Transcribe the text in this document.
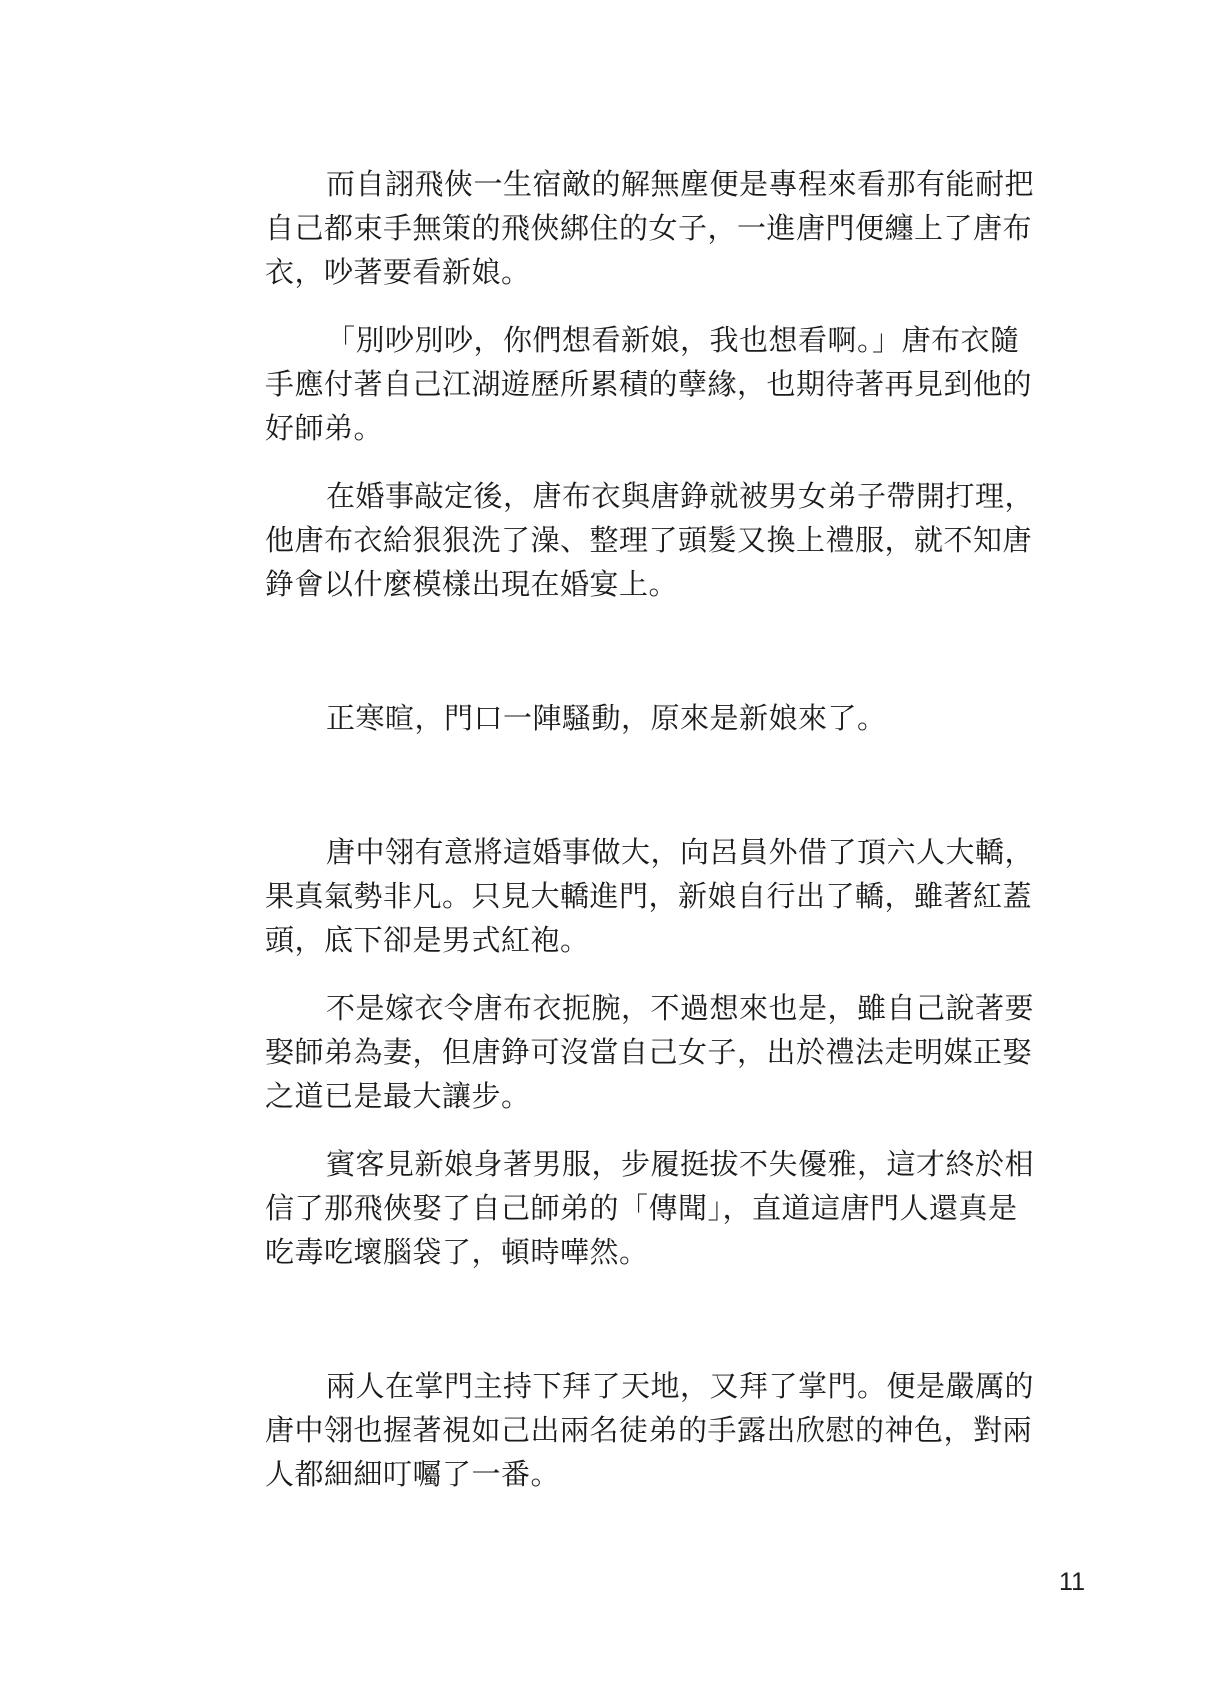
而自詡飛俠一生宿敵的解無塵便是專程來看那有能耐把
自己都束手無策的飛俠綁住的女子，一進唐門便纏上了唐布
衣，吵著要看新娘。

「別吵別吵，你們想看新娘，我也想看啊。」唐布衣隨
手應付著自己江湖遊歷所累積的孽緣，也期待著再見到他的
好師弟。

在婚事敲定後，唐布衣與唐錚就被男女弟子帶開打理，
他唐布衣給狠狠洗了澡、整理了頭髮又換上禮服，就不知唐
錚會以什麼模樣出現在婚宴上。

正寒暄，門口一陣騷動，原來是新娘來了。

唐中翎有意將這婚事做大，向呂員外借了頂六人大轎，
果真氣勢非凡。只見大轎進門，新娘自行出了轎，雖著紅蓋
頭，底下卻是男式紅袍。

不是嫁衣令唐布衣扼腕，不過想來也是，雖自己說著要
娶師弟為妻，但唐錚可沒當自己女子，出於禮法走明媒正娶
之道已是最大讓步。

賓客見新娘身著男服，步履挺拔不失優雅，這才終於相
信了那飛俠娶了自己師弟的「傳聞」，直道這唐門人還真是
吃毒吃壞腦袋了，頓時嘩然。

兩人在掌門主持下拜了天地，又拜了掌門。便是嚴厲的
唐中翎也握著視如己出兩名徒弟的手露出欣慰的神色，對兩
人都細細叮囑了一番。

11
